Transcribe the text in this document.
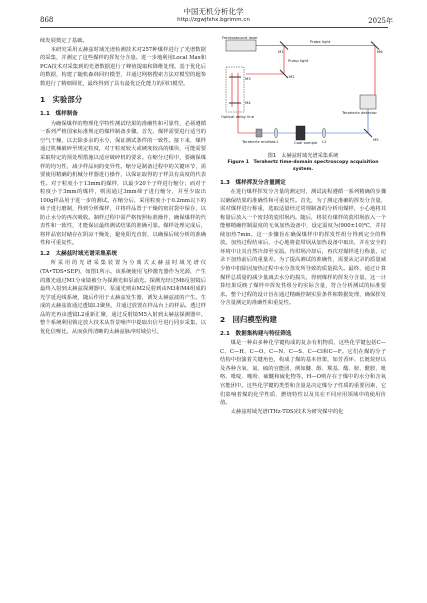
中国无机分析化学
868	http://zgwjfxhx.bgrimm.cn	2025年

续发展奠定了基础。

本研究采用太赫兹时域光谱检测技术对257种煤样进行了光谱数据的采集，并测定了这些煤样的挥发分含量。进一步地利用Local Max和PCA技术对采集到的光谱数据进行了峰值提取和降维处理。基于优化后的数据，构建了随机森林回归模型，并通过网格搜索方法对模型的超参数进行了精细调优，最终得到了具有最优泛化能力的回归模型。

1　实验部分
1.1　煤样制备

为确保煤样的物理化学特性测试结果的准确性和可靠性，必须遵循一系列严格国家标准规定的煤样制备步骤。首先，煤样需要进行适当的空气干燥，以去除多余的水分，保证测试条件的一致性。接下来，煤样通过机械破碎至规定粒度，对于粒度较大或硬度较高的煤块，可能需要采取特定的预处理措施以适应破碎机的要求。在缩分过程中，要确保煤样的均匀性，减少样品间的变异性。缩分是制备过程中的关键环节，需要使用精确的机械分样器进行操作，以保证取得的子样具有高度的代表性。对于粒度小于13mm的煤样，以最少20个子样进行缩分；而对于粒度小于3mm的煤样，则需通过3mm筛子进行缩分，并至少取出100g样品用于进一步的测试。在缩分后，采用粒度小于0.2mm以下的筛子进行磨制，得到分析煤样，并将样品置于干燥的密封袋中保存，以防止水分的再次吸收。制样过程中需严格按照标准操作，确保煤样的代表性和一致性，才能保证最终测试结果的准确可靠。煤样处理完成后，将样品密封储存在阴凉干燥处，避免阳光直射，以确保后续分析的准确性和可重复性。

1.2　太赫兹时域光谱采集系统

所采用的光谱采集装置为分离式太赫兹时域光谱仪(TA•TDS•SEP)，如图1所示。该系统使用飞秒激光器作为光源，产生的激光通过M1分束镜被分为探测光和泵浦光。探测光经过M6反射镜后最终入射到太赫兹探测器中。泵浦光则由M2反射到由M3和M4组成的光学延迟线系统，随后作用于太赫兹发生器，诱发太赫兹波的产生。生成的太赫兹波通过透镜L1聚焦，并通过放置在样品台上的样品。透过样品的光再由透镜L2重新汇聚，通过反射镜M5入射到太赫兹探测器中。整个系统利用锁定放大技术从背景噪声中提取出信号进行同步采集，以优化信噪比，从而获得清晰的太赫兹脉冲时域信号。

Femtosecond laser
M1
Probe light
M6
Pump light
M2
M3
M4
Optical delay line
Terahertz detector
Terahertz emitter L1	Coal sample L2	M5

图1　太赫兹时域光谱采集系统

Figure 1　Terahertz time-domain spectroscopy acquisition system.

1.3　煤样挥发分含量测定

在进行煤样挥发分含量的测定时，测试流程遵循一系列精确的步骤以确保结果的准确性和可重复性。首先，为了测定准确的挥发分含量，需对煤样进行称重，选取适量经过常规制备的分析用煤样，小心地将其称量后放入一个密封的瓷坩埚内。随后，将装有煤样的瓷坩埚放入一个能够精确控制温度的无氧加热设备中，设定温度为(900±10)℃，并持续加热7min。这一步骤旨在确保煤样中的挥发性组分得到完全的释放。加热过程结束后，小心地将瓷坩埚从加热设备中取出，并在安全的环境中让其自然冷却至室温。待坩埚冷却后，再次对煤样进行称量，记录下加热前后的重量差。为了提高测试的准确性，需要从记录的质量减少值中扣除因加热过程中水分蒸发所导致的质量损失。最终，通过计算煤样总质量的减少量减去水分的损失，得到煤样的挥发分含量。这一计算结果反映了煤样中挥发性组分的实际含量，符合分析测试的标准要求。整个过程的设计旨在通过精确控制实验条件和数据处理，确保挥发分含量测定的准确性和重复性。

2　回归模型构建
2.1　数据集构建与特征筛选

煤是一种由多种化学键构成的复杂有机物质，这些化学键包括C—C、C—H、C—O、C—N、C—S、C—Cl和C—F。它们在煤的分子结构中扮演着关键角色，构成了煤的基本骨架，如芳香环、长链烷烃以及各种含氧、氮、硫的官能团，例如醚、醇、羰基、酯、胺、酰胺、吡咯、吡啶、噻吩、硫醚和硫化物等。H—O则存在于煤中的水分和含氧官能团中。这些化学键的类型和含量是决定煤分子性质的重要因素，它们影响着煤的化学性质、燃烧特性以及其在不同应用领域中的使用价值。

太赫兹时域光谱(THz-TDS)技术为研究煤中的化
